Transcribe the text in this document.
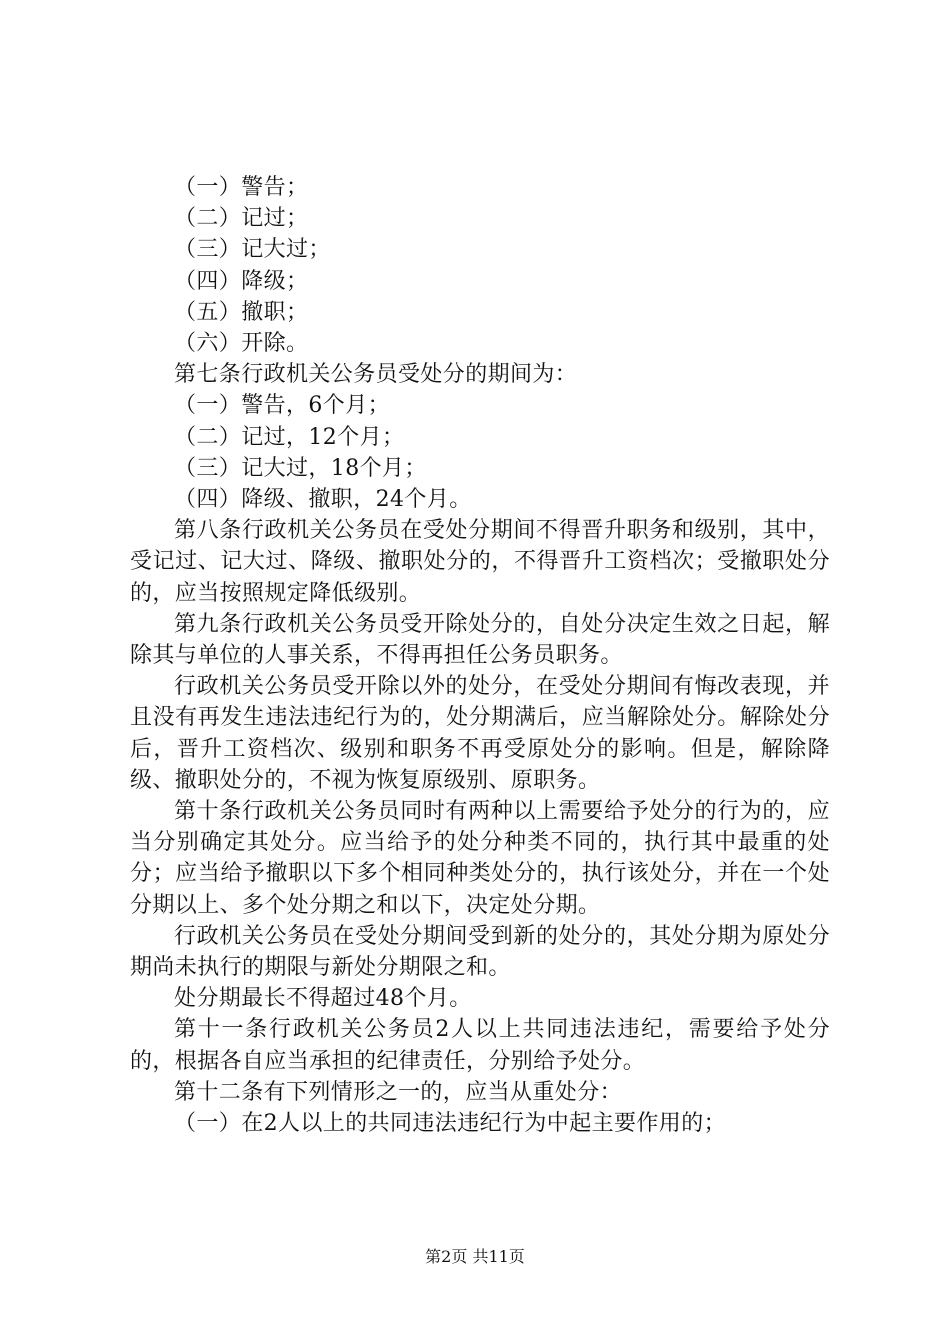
（一）警告；

（二）记过；

（三）记大过；

（四）降级；

（五）撤职；

（六）开除。

第七条行政机关公务员受处分的期间为：

（一）警告，6个月；

（二）记过，12个月；

（三）记大过，18个月；

（四）降级、撤职，24个月。

第八条行政机关公务员在受处分期间不得晋升职务和级别，其中，受记过、记大过、降级、撤职处分的，不得晋升工资档次；受撤职处分的，应当按照规定降低级别。

第九条行政机关公务员受开除处分的，自处分决定生效之日起，解除其与单位的人事关系，不得再担任公务员职务。

行政机关公务员受开除以外的处分，在受处分期间有悔改表现，并且没有再发生违法违纪行为的，处分期满后，应当解除处分。解除处分后，晋升工资档次、级别和职务不再受原处分的影响。但是，解除降级、撤职处分的，不视为恢复原级别、原职务。

第十条行政机关公务员同时有两种以上需要给予处分的行为的，应当分别确定其处分。应当给予的处分种类不同的，执行其中最重的处分；应当给予撤职以下多个相同种类处分的，执行该处分，并在一个处分期以上、多个处分期之和以下，决定处分期。

行政机关公务员在受处分期间受到新的处分的，其处分期为原处分期尚未执行的期限与新处分期限之和。

处分期最长不得超过48个月。

第十一条行政机关公务员2人以上共同违法违纪，需要给予处分的，根据各自应当承担的纪律责任，分别给予处分。

第十二条有下列情形之一的，应当从重处分：

（一）在2人以上的共同违法违纪行为中起主要作用的；

第2页 共11页
